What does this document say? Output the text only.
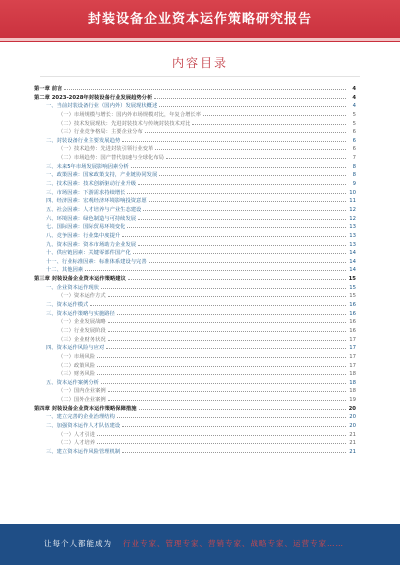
封装设备企业资本运作策略研究报告
内容目录
第一章 前言	4
第二章 2023-2028年封装设备行业发展趋势分析	4
一、当前封装设备行业（国内外）发展现状概述	4
（一）市场规模与增长：国内外市场规模对比，年复合增长率	5
（二）技术发展现状：先进封装技术与传统封装技术对比	5
（三）行业竞争格局：主要企业分布	6
二、封装设备行业主要发展趋势	6
（一）技术趋势：先进封装引领行业变革	6
（二）市场趋势：国产替代加速与全球化布局	7
三、未来5年市场发展影响因素分析	8
一、政策因素：国家政策支持，产业链协同发展	8
二、技术因素：技术创新驱动行业升级	9
三、市场因素：下游需求持续增长	10
四、经济因素：宏观经济环境影响投资意愿	11
五、社会因素：人才培养与产业生态建设	12
六、环境因素：绿色制造与可持续发展	12
七、国际因素：国际贸易环境变化	13
八、竞争因素：行业集中度提升	13
九、资本因素：资本市场助力企业发展	13
十、供应链因素：关键零部件国产化	14
十一、行业标准因素：标准体系建设与完善	14
十二、其他因素	14
第三章 封装设备企业资本运作策略建议	15
一、企业资本运作现状	15
（一）资本运作方式	15
二、资本运作模式	16
三、资本运作策略与实施路径	16
（一）企业发展战略	16
（二）行业发展阶段	16
（三）企业财务状况	17
四、资本运作风险与应对	17
（一）市场风险	17
（二）政策风险	17
（三）财务风险	18
五、资本运作案例分析	18
（一）国内企业案例	18
（二）国外企业案例	19
第四章 封装设备企业资本运作策略保障措施	20
一、建立完善的企业治理结构	20
二、加强资本运作人才队伍建设	20
（一）人才引进	21
（二）人才培养	21
三、建立资本运作风险管理机制	21
让每个人都能成为 行业专家、管理专家、营销专家、战略专家、运营专家……
